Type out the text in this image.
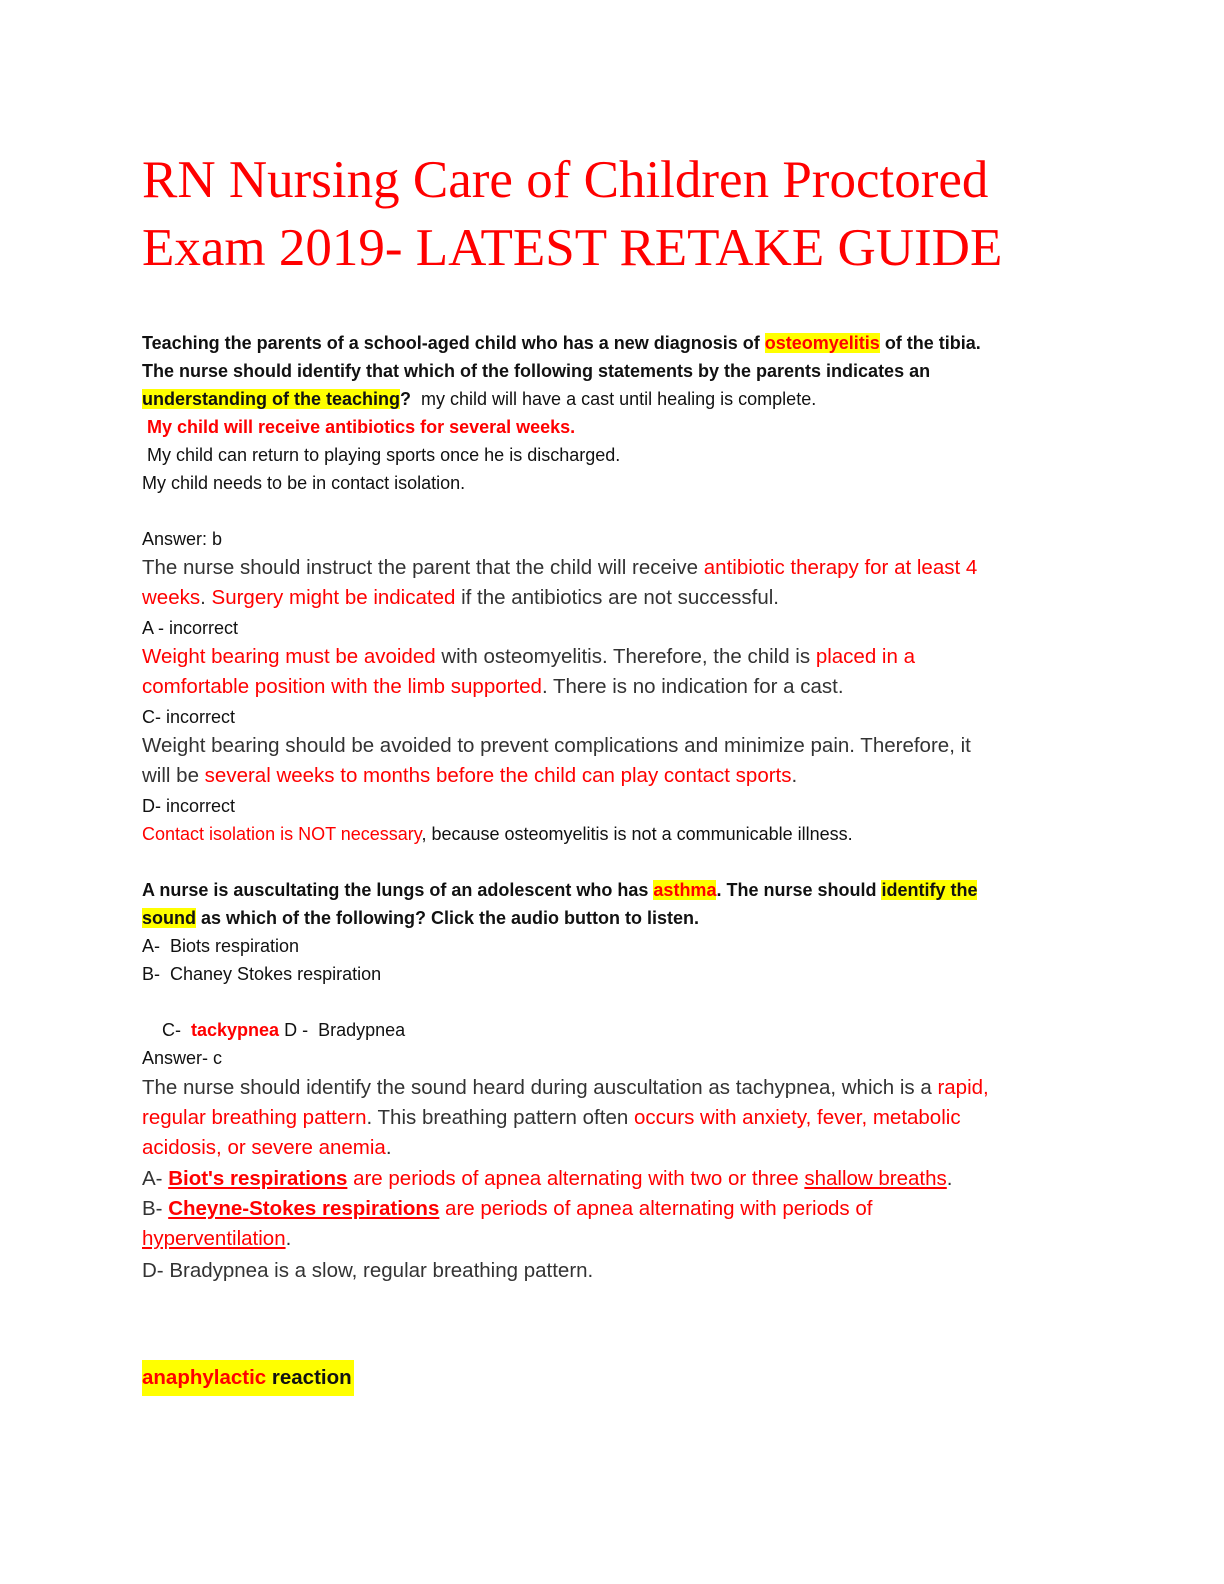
RN Nursing Care of Children Proctored
Exam 2019- LATEST RETAKE GUIDE
Teaching the parents of a school-aged child who has a new diagnosis of osteomyelitis of the tibia.
The nurse should identify that which of the following statements by the parents indicates an
understanding of the teaching?  my child will have a cast until healing is complete.
My child will receive antibiotics for several weeks.
My child can return to playing sports once he is discharged.
My child needs to be in contact isolation.
Answer: b
The nurse should instruct the parent that the child will receive antibiotic therapy for at least 4
weeks. Surgery might be indicated if the antibiotics are not successful.
A - incorrect
Weight bearing must be avoided with osteomyelitis. Therefore, the child is placed in a
comfortable position with the limb supported. There is no indication for a cast.
C- incorrect
Weight bearing should be avoided to prevent complications and minimize pain. Therefore, it
will be several weeks to months before the child can play contact sports.
D- incorrect
Contact isolation is NOT necessary, because osteomyelitis is not a communicable illness.
A nurse is auscultating the lungs of an adolescent who has asthma. The nurse should identify the
sound as which of the following? Click the audio button to listen.
A-  Biots respiration
B-  Chaney Stokes respiration

C-  tackypnea D -  Bradypnea

Answer- c
The nurse should identify the sound heard during auscultation as tachypnea, which is a rapid,
regular breathing pattern. This breathing pattern often occurs with anxiety, fever, metabolic
acidosis, or severe anemia.
A- Biot's respirations are periods of apnea alternating with two or three shallow breaths.
B- Cheyne-Stokes respirations are periods of apnea alternating with periods of
hyperventilation.
D- Bradypnea is a slow, regular breathing pattern.
anaphylactic reaction
